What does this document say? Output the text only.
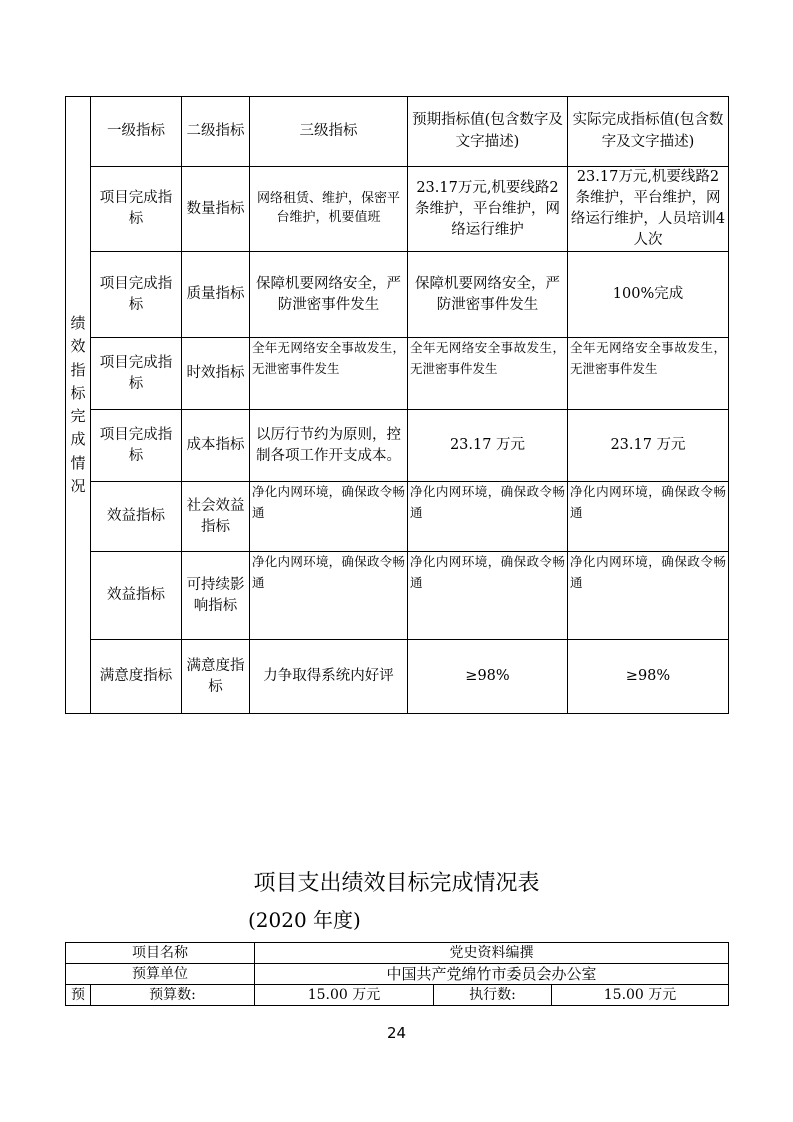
绩效指标完成情况	一级指标	二级指标	三级指标	预期指标值(包含数字及文字描述)	实际完成指标值(包含数字及文字描述)
	项目完成指标	数量指标	网络租赁、维护，保密平台维护，机要值班	23.17万元,机要线路2条维护，平台维护，网络运行维护	23.17万元,机要线路2条维护，平台维护，网络运行维护，人员培训4人次
	项目完成指标	质量指标	保障机要网络安全，严防泄密事件发生	保障机要网络安全，严防泄密事件发生	100%完成
	项目完成指标	时效指标	全年无网络安全事故发生，无泄密事件发生	全年无网络安全事故发生，无泄密事件发生	全年无网络安全事故发生，无泄密事件发生
	项目完成指标	成本指标	以厉行节约为原则，控制各项工作开支成本。	23.17 万元	23.17 万元
	效益指标	社会效益指标	净化内网环境，确保政令畅通	净化内网环境，确保政令畅通	净化内网环境，确保政令畅通
	效益指标	可持续影响指标	净化内网环境，确保政令畅通	净化内网环境，确保政令畅通	净化内网环境，确保政令畅通
	满意度指标	满意度指标	力争取得系统内好评	≥98%	≥98%
项目支出绩效目标完成情况表
(2020 年度)
项目名称		党史资料编撰		
预算单位		中国共产党绵竹市委员会办公室		
预	预算数:	15.00 万元	执行数:	15.00 万元
24
